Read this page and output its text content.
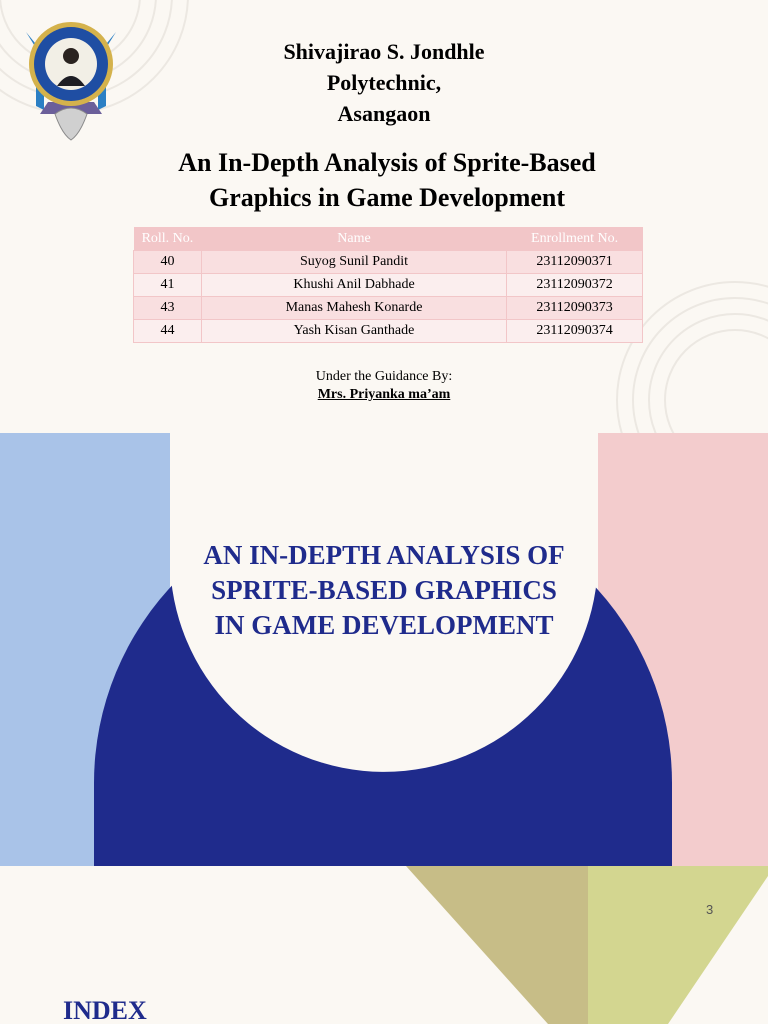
Shivajirao S. Jondhle
Polytechnic,
Asangaon
An In-Depth Analysis of Sprite-Based
Graphics in Game Development
Roll. No.	Name	Enrollment No.
40	Suyog Sunil Pandit	23112090371
41	Khushi Anil Dabhade	23112090372
43	Manas Mahesh Konarde	23112090373
44	Yash Kisan Ganthade	23112090374
Under the Guidance By:
Mrs. Priyanka ma’am
AN IN-DEPTH ANALYSIS OF
SPRITE-BASED GRAPHICS
IN GAME DEVELOPMENT
3
INDEX
